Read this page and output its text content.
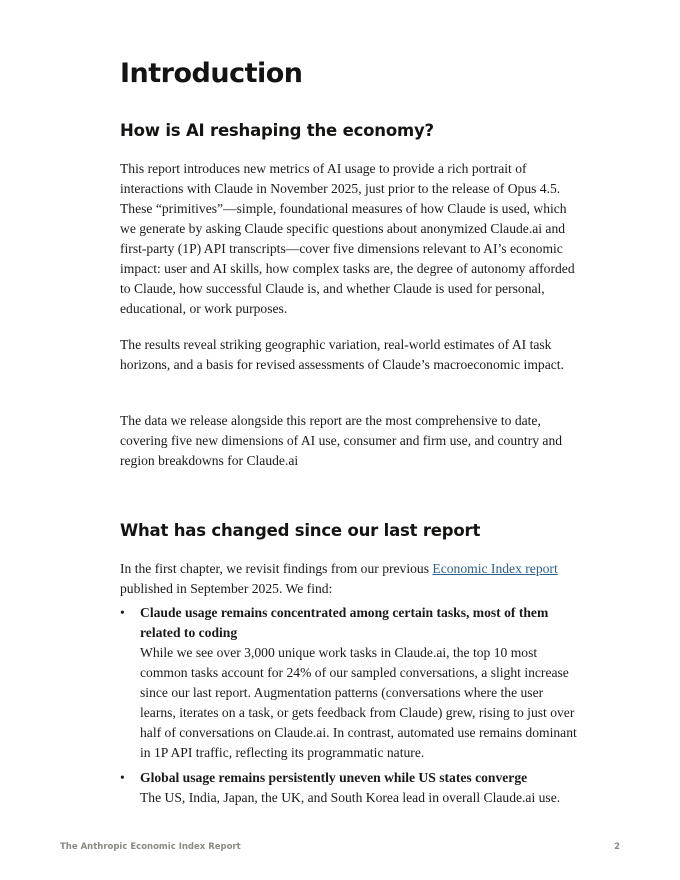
Introduction
How is AI reshaping the economy?

This report introduces new metrics of AI usage to provide a rich portrait of interactions with Claude in November 2025, just prior to the release of Opus 4.5. These “primitives”—simple, foundational measures of how Claude is used, which we generate by asking Claude specific questions about anonymized Claude.ai and first-party (1P) API transcripts—cover five dimensions relevant to AI’s economic impact: user and AI skills, how complex tasks are, the degree of autonomy afforded to Claude, how successful Claude is, and whether Claude is used for personal, educational, or work purposes.

The results reveal striking geographic variation, real-world estimates of AI task horizons, and a basis for revised assessments of Claude’s macroeconomic impact.

The data we release alongside this report are the most comprehensive to date, covering five new dimensions of AI use, consumer and firm use, and country and region breakdowns for Claude.ai

What has changed since our last report

In the first chapter, we revisit findings from our previous Economic Index report published in September 2025. We find:

• Claude usage remains concentrated among certain tasks, most of them related to coding
While we see over 3,000 unique work tasks in Claude.ai, the top 10 most common tasks account for 24% of our sampled conversations, a slight increase since our last report. Augmentation patterns (conversations where the user learns, iterates on a task, or gets feedback from Claude) grew, rising to just over half of conversations on Claude.ai. In contrast, automated use remains dominant in 1P API traffic, reflecting its programmatic nature.
• Global usage remains persistently uneven while US states converge
The US, India, Japan, the UK, and South Korea lead in overall Claude.ai use.
The Anthropic Economic Index Report	2
